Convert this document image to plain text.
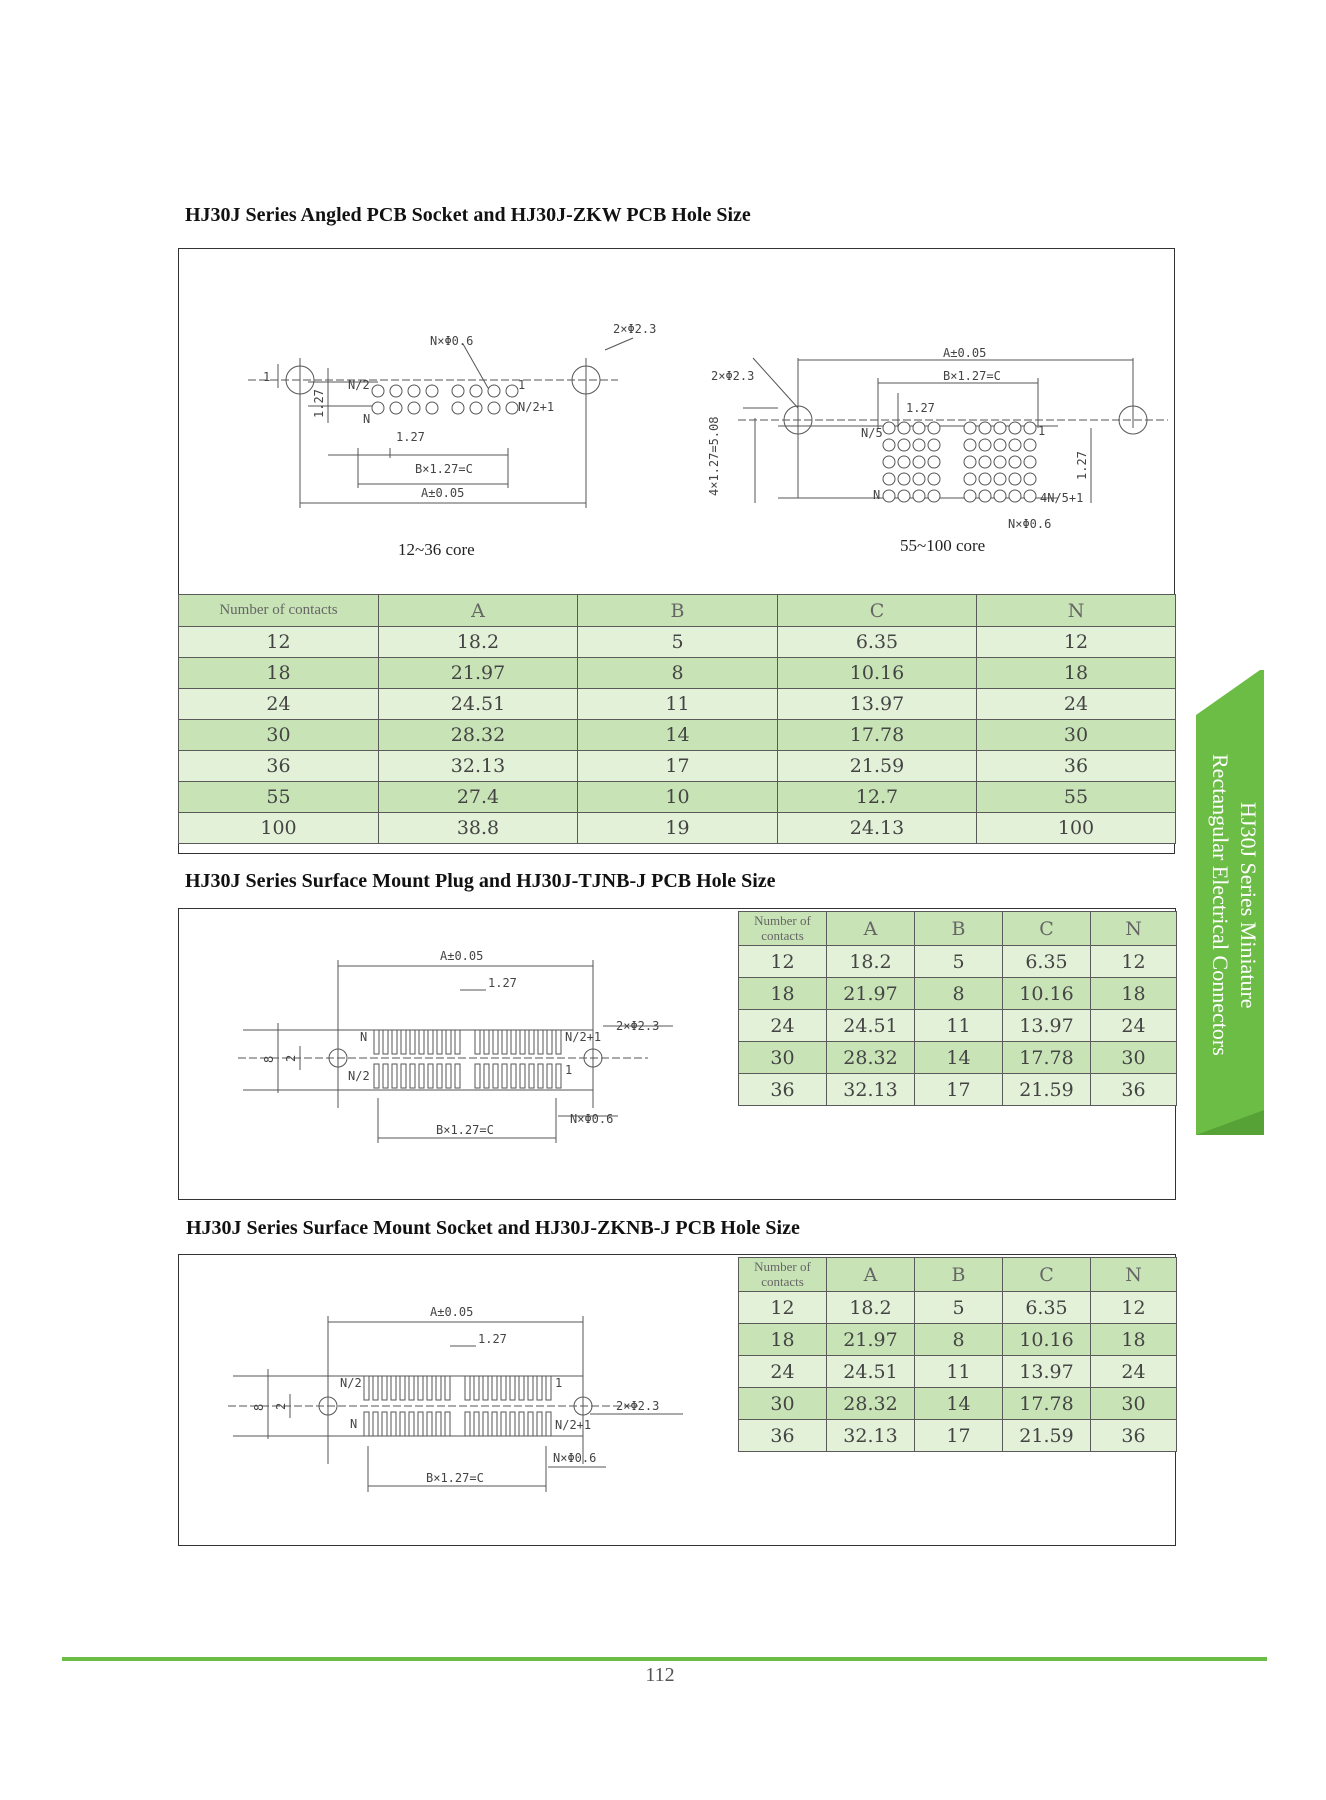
HJ30J Series Angled PCB Socket and HJ30J-ZKW PCB Hole Size
N×Φ0.6
2×Φ2.3
N/2	1
N/2+1
N
1.27
B×1.27=C
A±0.05
1
1.27
12~36 core
A±0.05
B×1.27=C
2×Φ2.3
1.27
N/5	1
N	4N/5+1
N×Φ0.6
4×1.27=5.08	1.27
55~100 core
Number of contacts	A	B	C	N
12	18.2	5	6.35	12
18	21.97	8	10.16	18
24	24.51	11	13.97	24
30	28.32	14	17.78	30
36	32.13	17	21.59	36
55	27.4	10	12.7	55
100	38.8	19	24.13	100
HJ30J Series Surface Mount Plug and HJ30J-TJNB-J PCB Hole Size
A±0.05
1.27
N
N/2
N/2+1
1
2×Φ2.3
N×Φ0.6
B×1.27=C
8 2
Number of contacts	A	B	C	N
12	18.2	5	6.35	12
18	21.97	8	10.16	18
24	24.51	11	13.97	24
30	28.32	14	17.78	30
36	32.13	17	21.59	36
HJ30J Series Surface Mount Socket and HJ30J-ZKNB-J PCB Hole Size
A±0.05
1.27
N/2
N
1
N/2+1
2×Φ2.3
N×Φ0.6
B×1.27=C
8 2
Number of contacts	A	B	C	N
12	18.2	5	6.35	12
18	21.97	8	10.16	18
24	24.51	11	13.97	24
30	28.32	14	17.78	30
36	32.13	17	21.59	36
HJ30J Series Miniature
Rectangular Electrical Connectors
112
